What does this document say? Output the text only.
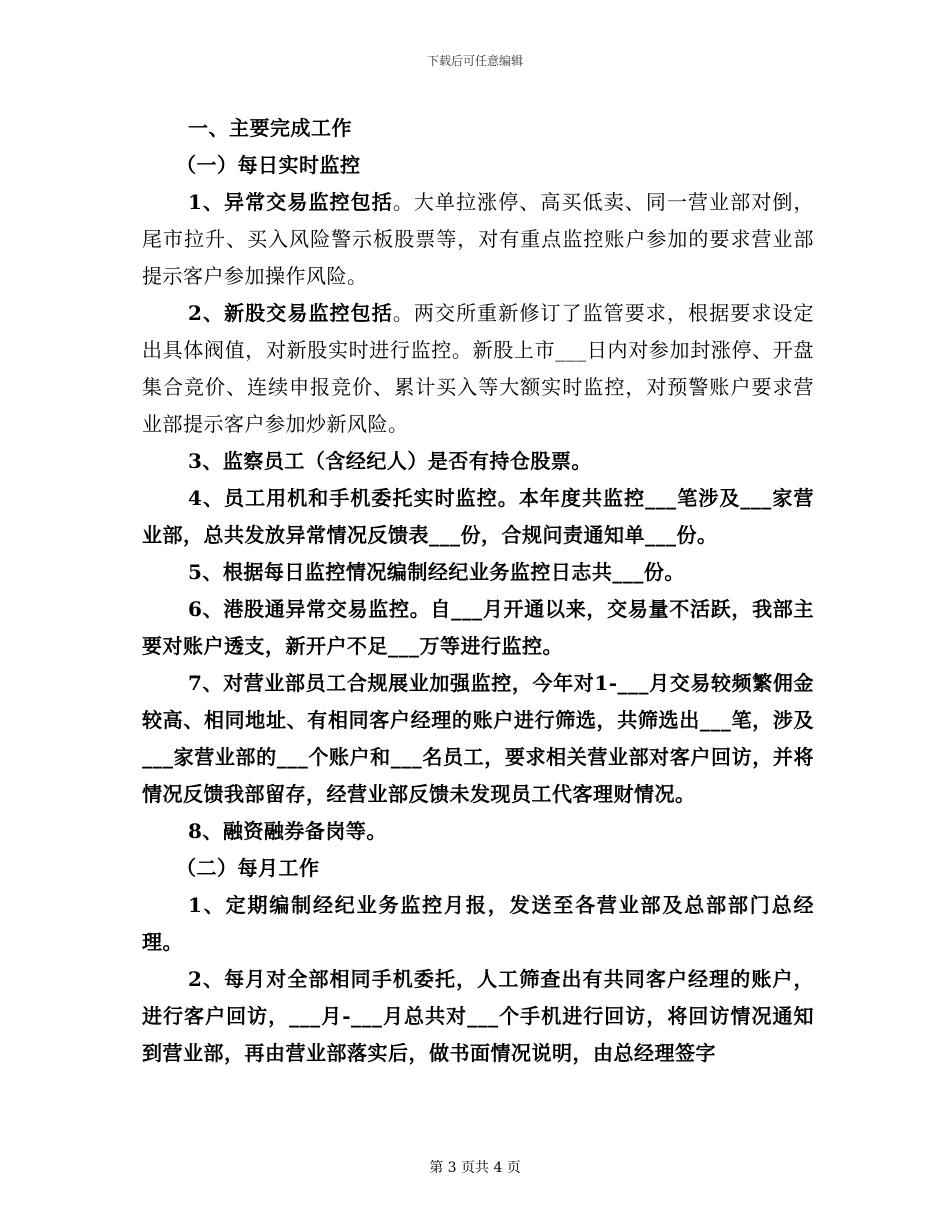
下载后可任意编辑

一、主要完成工作

（一）每日实时监控

1、异常交易监控包括。大单拉涨停、高买低卖、同一营业部对倒，尾市拉升、买入风险警示板股票等，对有重点监控账户参加的要求营业部提示客户参加操作风险。

2、新股交易监控包括。两交所重新修订了监管要求，根据要求设定出具体阀值，对新股实时进行监控。新股上市___日内对参加封涨停、开盘集合竞价、连续申报竞价、累计买入等大额实时监控，对预警账户要求营业部提示客户参加炒新风险。

3、监察员工（含经纪人）是否有持仓股票。

4、员工用机和手机委托实时监控。本年度共监控___笔涉及___家营业部，总共发放异常情况反馈表___份，合规问责通知单___份。

5、根据每日监控情况编制经纪业务监控日志共___份。

6、港股通异常交易监控。自___月开通以来，交易量不活跃，我部主要对账户透支，新开户不足___万等进行监控。

7、对营业部员工合规展业加强监控，今年对1-___月交易较频繁佣金较高、相同地址、有相同客户经理的账户进行筛选，共筛选出___笔，涉及___家营业部的___个账户和___名员工，要求相关营业部对客户回访，并将情况反馈我部留存，经营业部反馈未发现员工代客理财情况。

8、融资融券备岗等。

（二）每月工作

1、定期编制经纪业务监控月报，发送至各营业部及总部部门总经理。

2、每月对全部相同手机委托，人工筛查出有共同客户经理的账户，进行客户回访，___月-___月总共对___个手机进行回访，将回访情况通知到营业部，再由营业部落实后，做书面情况说明，由总经理签字

第 3 页共 4 页
